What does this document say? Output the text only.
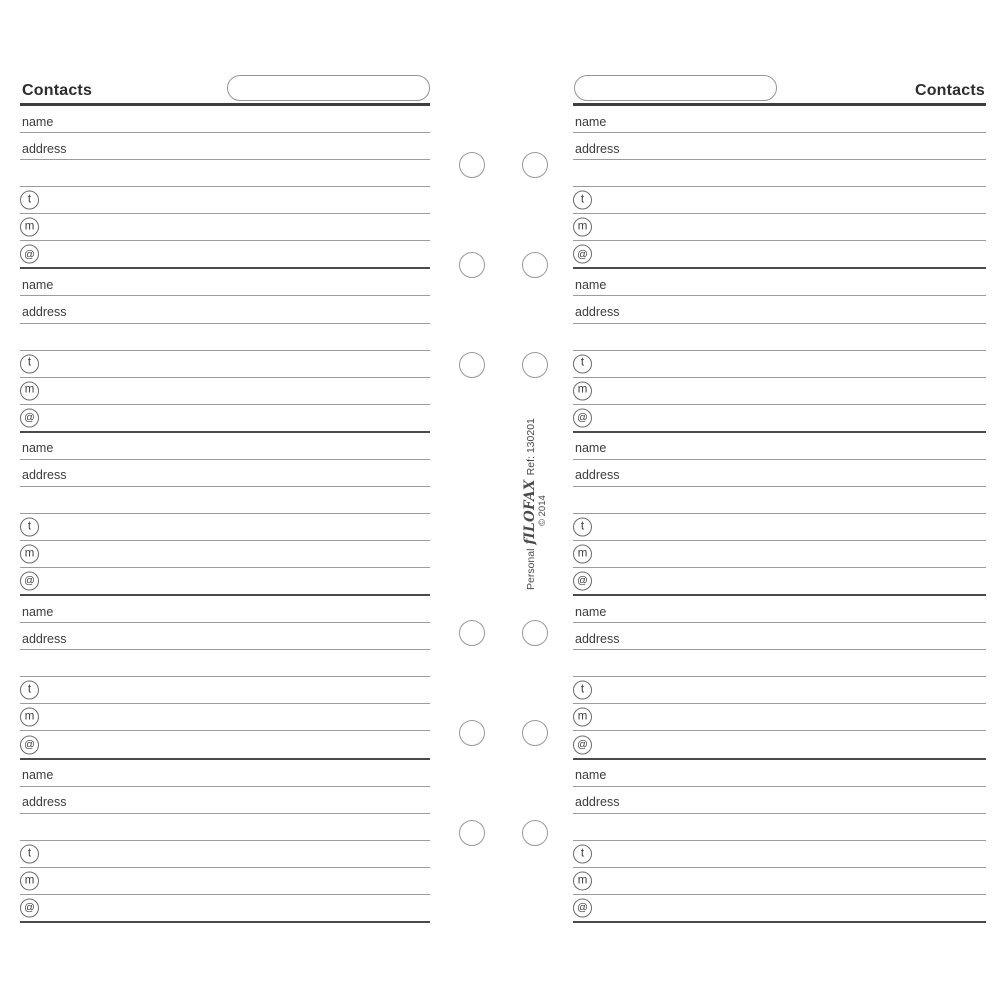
Contacts
name
address
t
m
@
name
address
t
m
@
name
address
t
m
@
name
address
t
m
@
name
address
t
m
@
Contacts
name
address
t
m
@
name
address
t
m
@
name
address
t
m
@
name
address
t
m
@
name
address
t
m
@
PersonalfILOFAXRef: 130201
© 2014
